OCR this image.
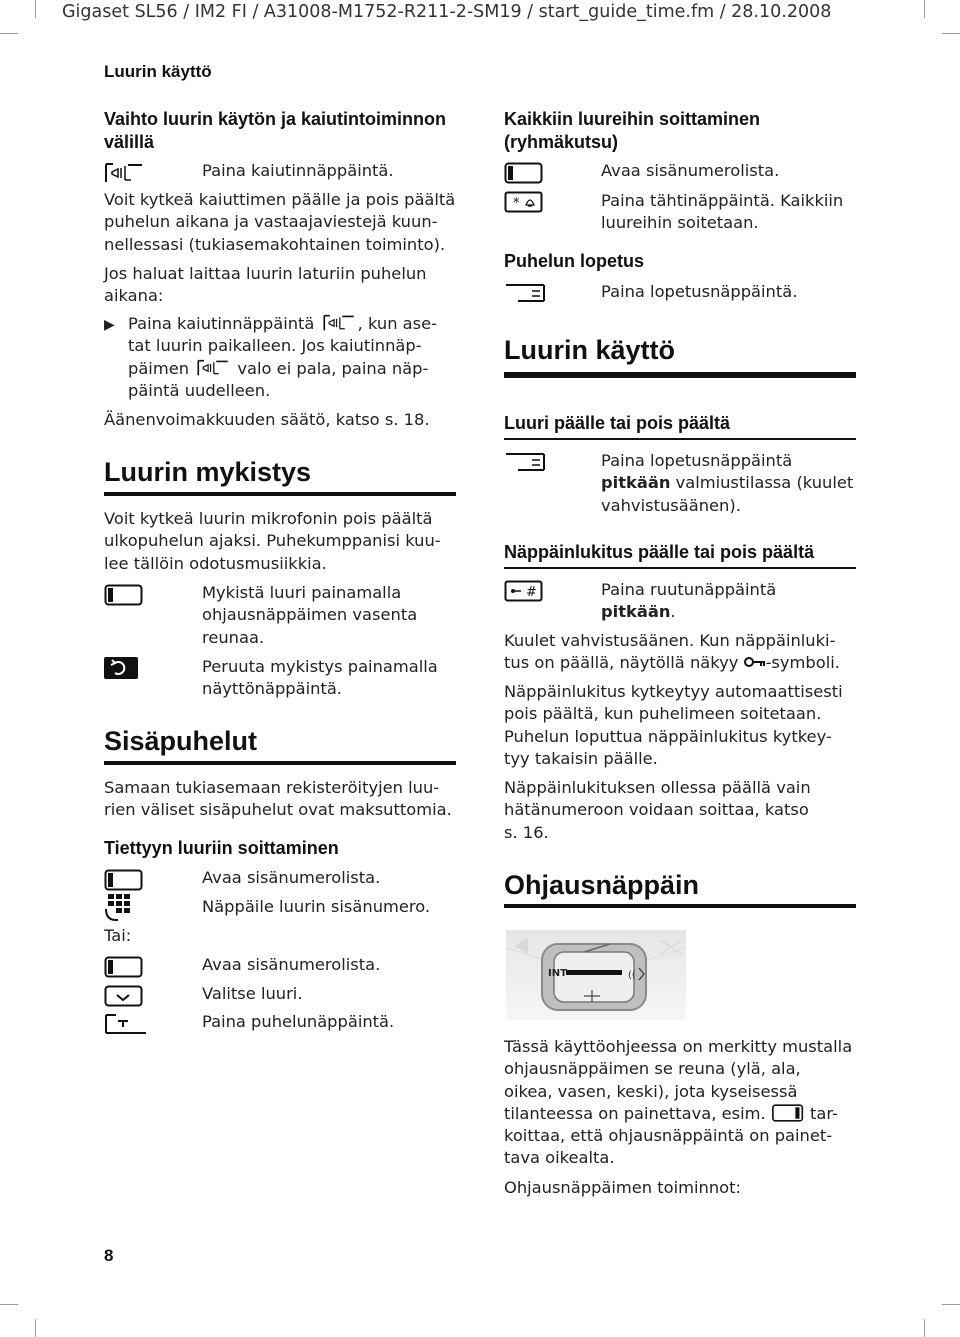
Gigaset SL56 / IM2 FI / A31008-M1752-R211-2-SM19 / start_guide_time.fm / 28.10.2008
Luurin käyttö
Vaihto luurin käytön ja kaiutintoiminnon
välillä
Paina kaiutinnäppäintä.
Voit kytkeä kaiuttimen päälle ja pois päältä
puhelun aikana ja vastaajaviestejä kuun-
nellessasi (tukiasemakohtainen toiminto).
Jos haluat laittaa luurin laturiin puhelun
aikana:
▶ Paina kaiutinnäppäintä	, kun ase-
tat luurin paikalleen. Jos kaiutinnäp-
päimen	valo ei pala, paina näp-
päintä uudelleen.
Äänenvoimakkuuden säätö, katso s. 18.
Luurin mykistys
Voit kytkeä luurin mikrofonin pois päältä
ulkopuhelun ajaksi. Puhekumppanisi kuu-
lee tällöin odotusmusiikkia.
Mykistä luuri painamalla
ohjausnäppäimen vasenta
reunaa.
Peruuta mykistys painamalla
näyttönäppäintä.
Sisäpuhelut
Samaan tukiasemaan rekisteröityjen luu-
rien väliset sisäpuhelut ovat maksuttomia.
Tiettyyn luuriin soittaminen
Avaa sisänumerolista.
Näppäile luurin sisänumero.
Tai:
Avaa sisänumerolista.
Valitse luuri.
Paina puhelunäppäintä.
Kaikkiin luureihin soittaminen
(ryhmäkutsu)
Avaa sisänumerolista.
*	Paina tähtinäppäintä. Kaikkiin
luureihin soitetaan.
Puhelun lopetus
Paina lopetusnäppäintä.
Luurin käyttö
Luuri päälle tai pois päältä
Paina lopetusnäppäintä
pitkään valmiustilassa (kuulet
vahvistusäänen).
Näppäinlukitus päälle tai pois päältä
#	Paina ruutunäppäintä
pitkään.
Kuulet vahvistusäänen. Kun näppäinluki-
tus on päällä, näytöllä näkyy -symboli.
Näppäinlukitus kytkeytyy automaattisesti
pois päältä, kun puhelimeen soitetaan.
Puhelun loputtua näppäinlukitus kytkey-
tyy takaisin päälle.
Näppäinlukituksen ollessa päällä vain
hätänumeroon voidaan soittaa, katso
s. 16.
Ohjausnäppäin
((
INT
Tässä käyttöohjeessa on merkitty mustalla
ohjausnäppäimen se reuna (ylä, ala,
oikea, vasen, keski), jota kyseisessä
tilanteessa on painettava, esim.	tar-
koittaa, että ohjausnäppäintä on painet-
tava oikealta.
Ohjausnäppäimen toiminnot:
8
